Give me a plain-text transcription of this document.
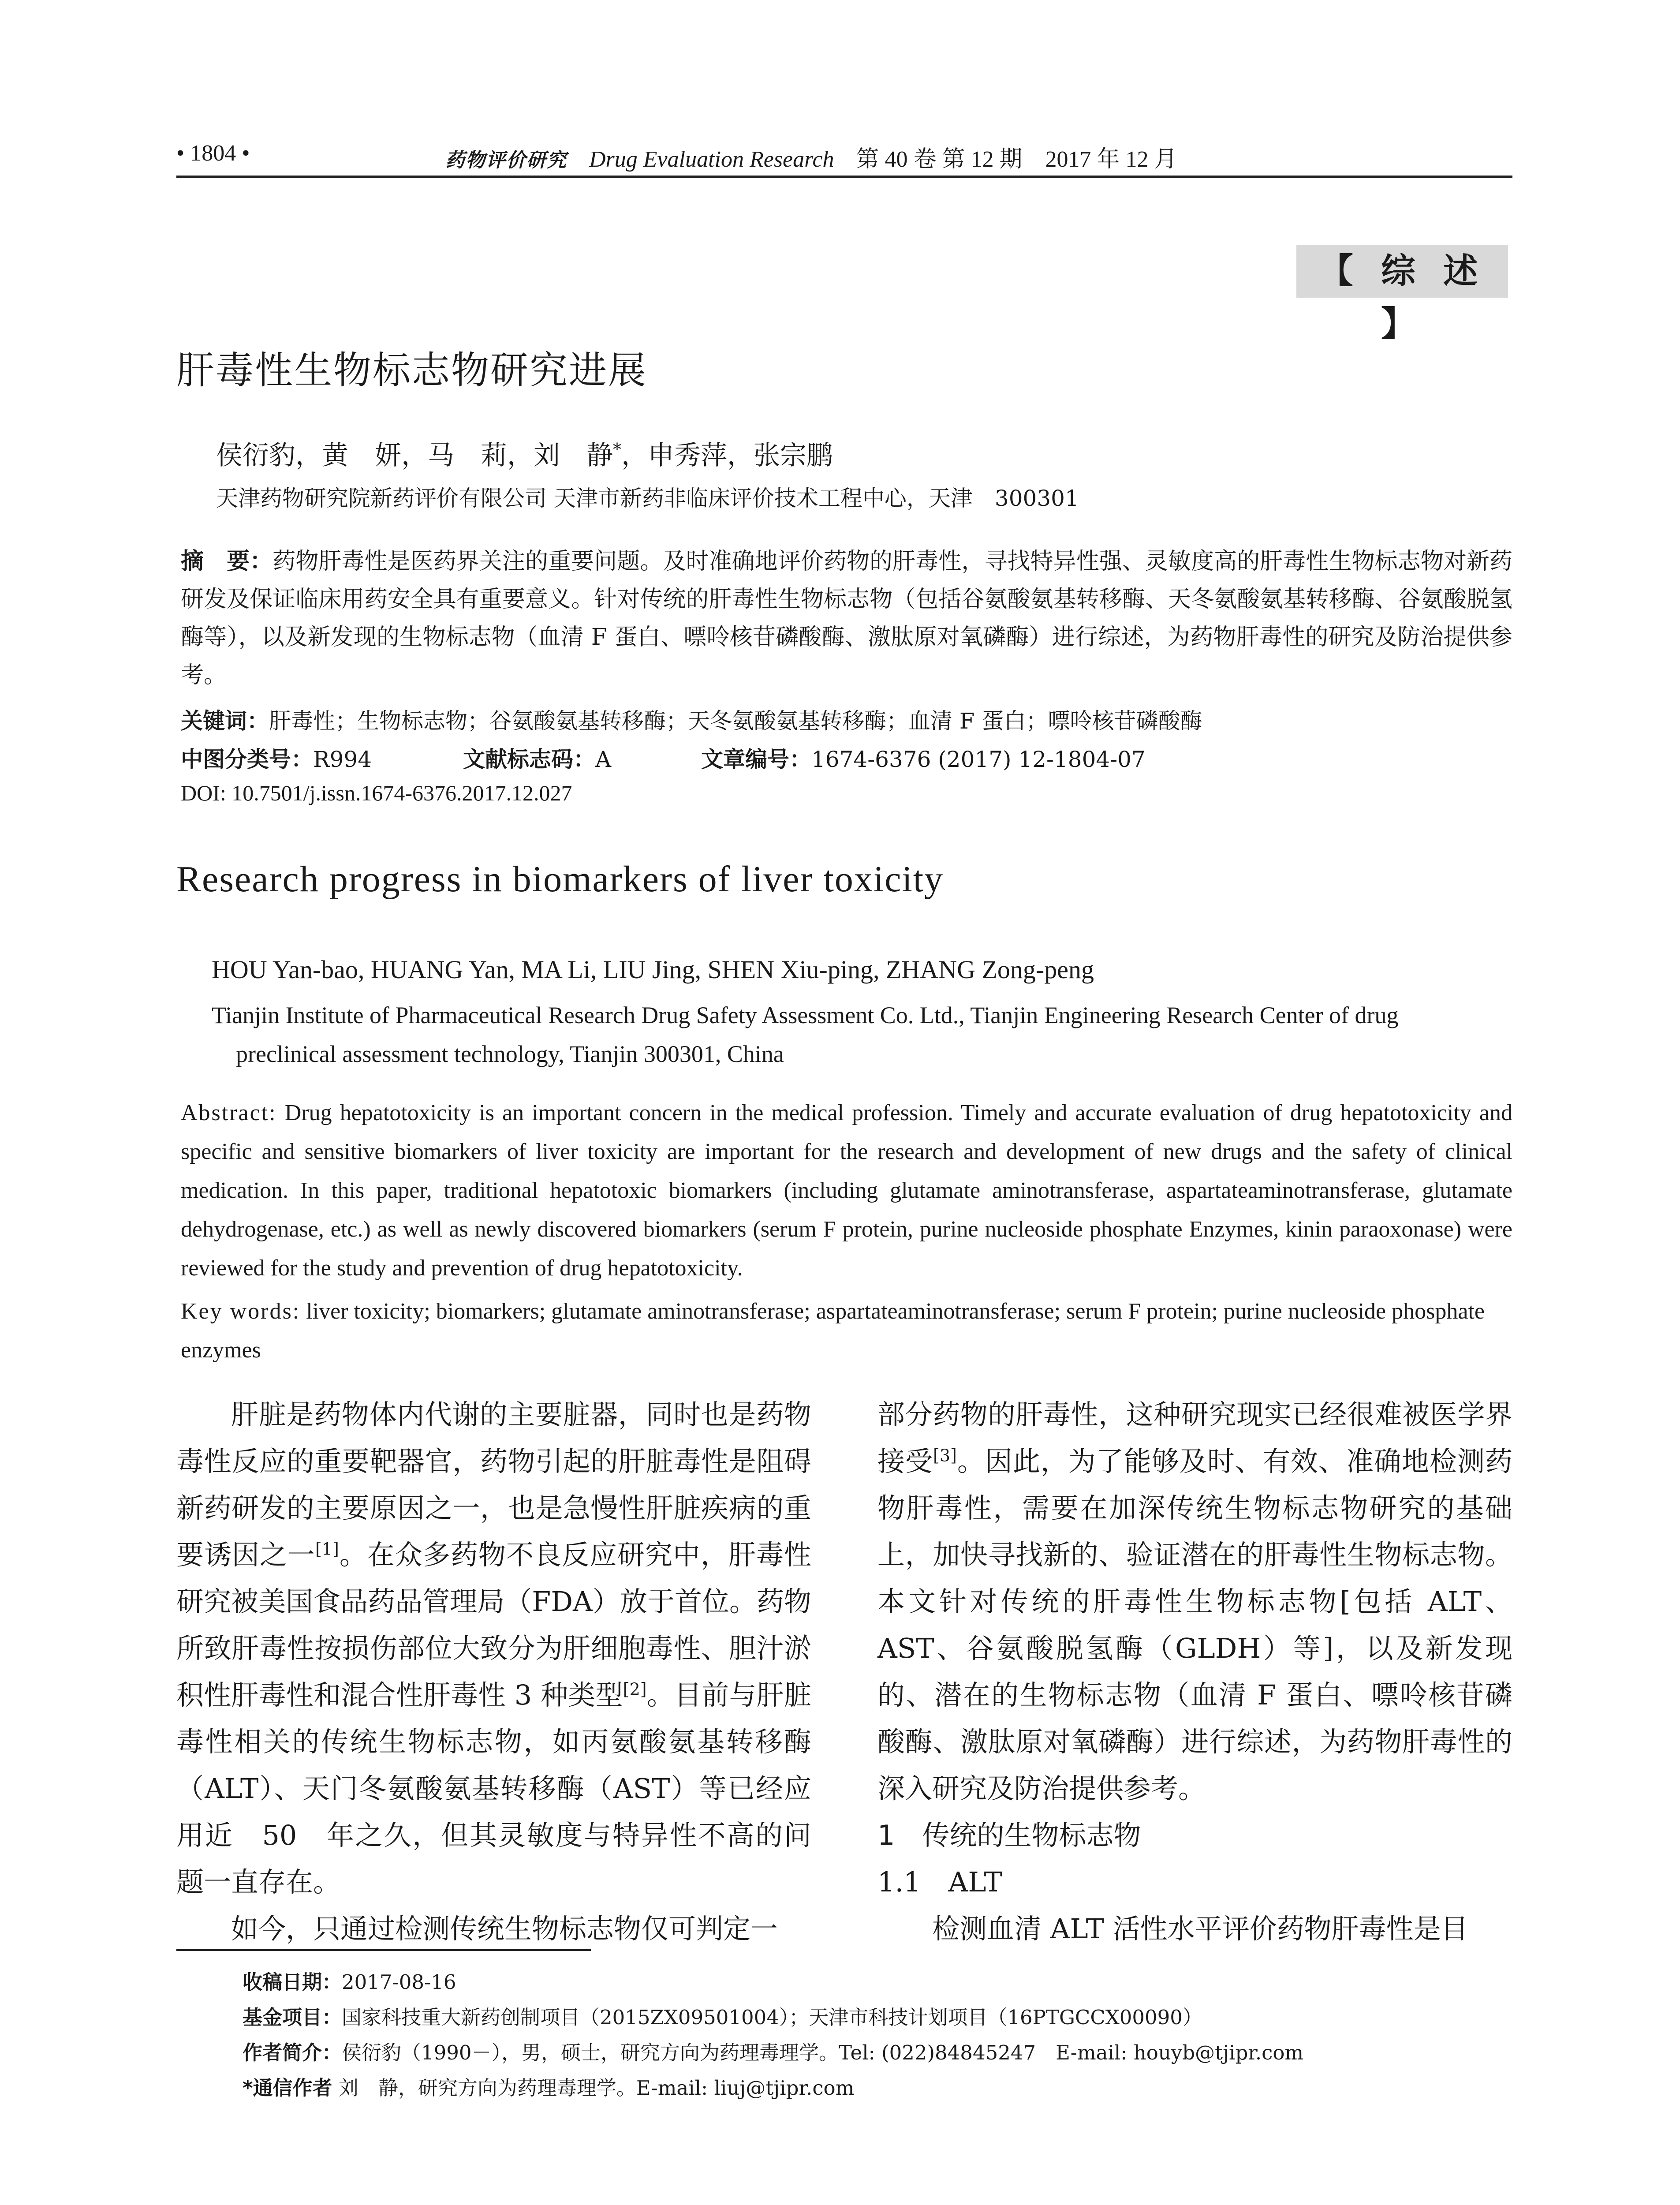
• 1804 •	药物评价研究 Drug Evaluation Research 第 40 卷 第 12 期　2017 年 12 月
【 综 述 】
肝毒性生物标志物研究进展
侯衍豹，黄　妍，马　莉，刘　静*，申秀萍，张宗鹏
天津药物研究院新药评价有限公司 天津市新药非临床评价技术工程中心，天津　300301
摘　要：药物肝毒性是医药界关注的重要问题。及时准确地评价药物的肝毒性，寻找特异性强、灵敏度高的肝毒性生物标志物对新药研发及保证临床用药安全具有重要意义。针对传统的肝毒性生物标志物（包括谷氨酸氨基转移酶、天冬氨酸氨基转移酶、谷氨酸脱氢酶等），以及新发现的生物标志物（血清 F 蛋白、嘌呤核苷磷酸酶、激肽原对氧磷酶）进行综述，为药物肝毒性的研究及防治提供参考。
关键词：肝毒性；生物标志物；谷氨酸氨基转移酶；天冬氨酸氨基转移酶；血清 F 蛋白；嘌呤核苷磷酸酶
中图分类号：R994	文献标志码：A	文章编号：1674-6376 (2017) 12-1804-07
DOI: 10.7501/j.issn.1674-6376.2017.12.027
Research progress in biomarkers of liver toxicity
HOU Yan-bao, HUANG Yan, MA Li, LIU Jing, SHEN Xiu-ping, ZHANG Zong-peng
Tianjin Institute of Pharmaceutical Research Drug Safety Assessment Co. Ltd., Tianjin Engineering Research Center of drug
preclinical assessment technology, Tianjin 300301, China
Abstract: Drug hepatotoxicity is an important concern in the medical profession. Timely and accurate evaluation of drug hepatotoxicity and specific and sensitive biomarkers of liver toxicity are important for the research and development of new drugs and the safety of clinical medication. In this paper, traditional hepatotoxic biomarkers (including glutamate aminotransferase, aspartateaminotransferase, glutamate dehydrogenase, etc.) as well as newly discovered biomarkers (serum F protein, purine nucleoside phosphate Enzymes, kinin paraoxonase) were reviewed for the study and prevention of drug hepatotoxicity.
Key words: liver toxicity; biomarkers; glutamate aminotransferase; aspartateaminotransferase; serum F protein; purine nucleoside phosphate enzymes

肝脏是药物体内代谢的主要脏器，同时也是药物毒性反应的重要靶器官，药物引起的肝脏毒性是阻碍新药研发的主要原因之一，也是急慢性肝脏疾病的重要诱因之一[1]。在众多药物不良反应研究中，肝毒性研究被美国食品药品管理局（FDA）放于首位。药物所致肝毒性按损伤部位大致分为肝细胞毒性、胆汁淤积性肝毒性和混合性肝毒性 3 种类型[2]。目前与肝脏毒性相关的传统生物标志物，如丙氨酸氨基转移酶（ALT）、天门冬氨酸氨基转移酶（AST）等已经应用近　50　年之久，但其灵敏度与特异性不高的问题一直存在。

如今，只通过检测传统生物标志物仅可判定一

部分药物的肝毒性，这种研究现实已经很难被医学界接受[3]。因此，为了能够及时、有效、准确地检测药物肝毒性，需要在加深传统生物标志物研究的基础上，加快寻找新的、验证潜在的肝毒性生物标志物。本文针对传统的肝毒性生物标志物[包括 ALT、AST、谷氨酸脱氢酶（GLDH）等]，以及新发现的、潜在的生物标志物（血清 F 蛋白、嘌呤核苷磷酸酶、激肽原对氧磷酶）进行综述，为药物肝毒性的深入研究及防治提供参考。

1　传统的生物标志物

1.1　ALT

检测血清 ALT 活性水平评价药物肝毒性是目

收稿日期：2017-08-16
基金项目：国家科技重大新药创制项目（2015ZX09501004）；天津市科技计划项目（16PTGCCX00090）
作者简介：侯衍豹（1990－），男，硕士，研究方向为药理毒理学。Tel: (022)84845247　E-mail: houyb@tjipr.com
*通信作者 刘　静，研究方向为药理毒理学。E-mail: liuj@tjipr.com
